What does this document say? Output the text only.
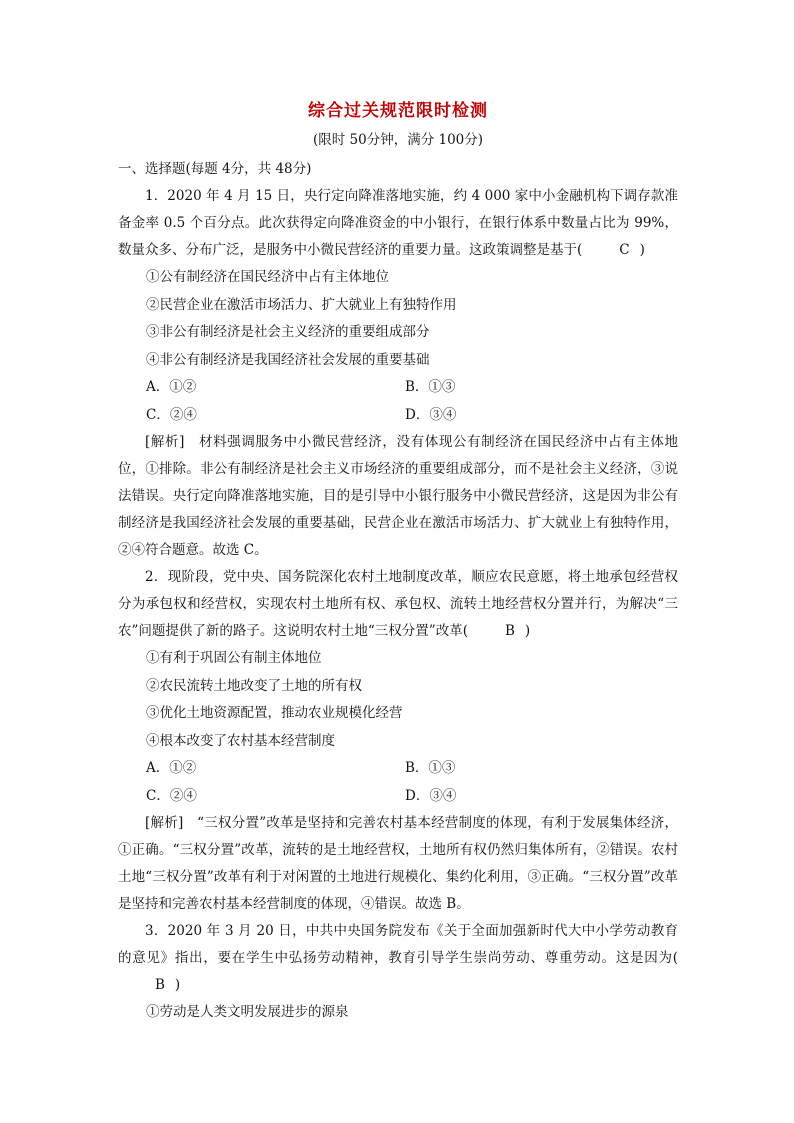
综合过关规范限时检测
(限时 50分钟，满分 100分)

一、选择题(每题 4分，共 48分)

1．2020 年 4 月 15 日，央行定向降准落地实施，约 4 000 家中小金融机构下调存款准备金率 0.5 个百分点。此次获得定向降准资金的中小银行，在银行体系中数量占比为 99%，数量众多、分布广泛，是服务中小微民营经济的重要力量。这政策调整是基于(	C )

①公有制经济在国民经济中占有主体地位

②民营企业在激活市场活力、扩大就业上有独特作用

③非公有制经济是社会主义经济的重要组成部分

④非公有制经济是我国经济社会发展的重要基础

A．①②	B．①③
C．②④	D．③④

[解析]　材料强调服务中小微民营经济，没有体现公有制经济在国民经济中占有主体地位，①排除。非公有制经济是社会主义市场经济的重要组成部分，而不是社会主义经济，③说法错误。央行定向降准落地实施，目的是引导中小银行服务中小微民营经济，这是因为非公有制经济是我国经济社会发展的重要基础，民营企业在激活市场活力、扩大就业上有独特作用，②④符合题意。故选 C。

2．现阶段，党中央、国务院深化农村土地制度改革，顺应农民意愿，将土地承包经营权分为承包权和经营权，实现农村土地所有权、承包权、流转土地经营权分置并行，为解决“三农”问题提供了新的路子。这说明农村土地“三权分置”改革(	B )

①有利于巩固公有制主体地位

②农民流转土地改变了土地的所有权

③优化土地资源配置，推动农业规模化经营

④根本改变了农村基本经营制度

A．①②	B．①③
C．②④	D．③④

[解析]　“三权分置”改革是坚持和完善农村基本经营制度的体现，有利于发展集体经济，①正确。“三权分置”改革，流转的是土地经营权，土地所有权仍然归集体所有，②错误。农村土地“三权分置”改革有利于对闲置的土地进行规模化、集约化利用，③正确。“三权分置”改革是坚持和完善农村基本经营制度的体现，④错误。故选 B。

3．2020 年 3 月 20 日，中共中央国务院发布《关于全面加强新时代大中小学劳动教育的意见》指出，要在学生中弘扬劳动精神，教育引导学生崇尚劳动、尊重劳动。这是因为(B )

①劳动是人类文明发展进步的源泉
